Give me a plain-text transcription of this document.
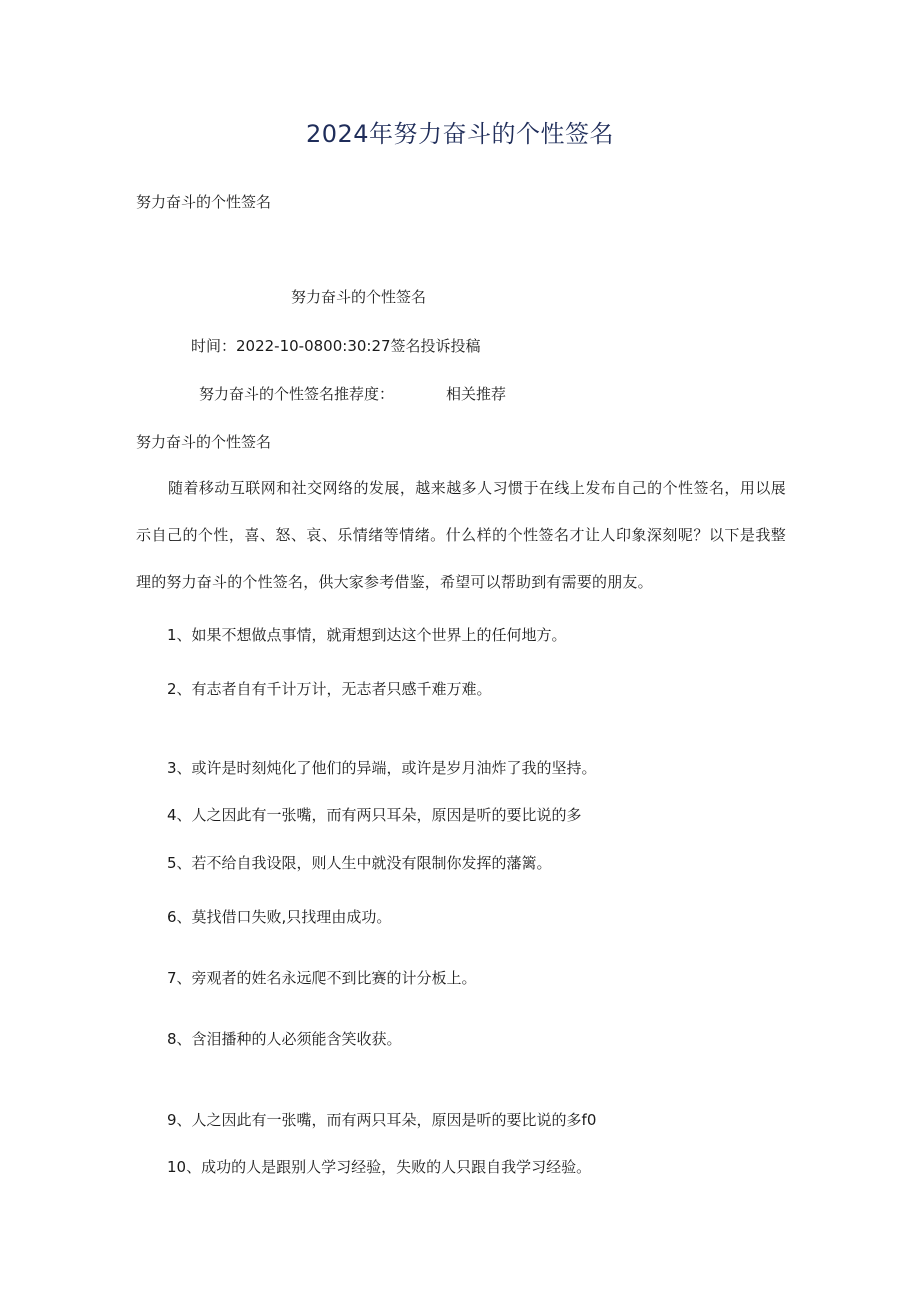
2024年努力奋斗的个性签名
努力奋斗的个性签名
努力奋斗的个性签名
时间：2022-10-0800:30:27签名投诉投稿
努力奋斗的个性签名推荐度：	相关推荐
努力奋斗的个性签名
随着移动互联网和社交网络的发展，越来越多人习惯于在线上发布自己的个性签名，用以展示自己的个性，喜、怒、哀、乐情绪等情绪。什么样的个性签名才让人印象深刻呢？以下是我整理的努力奋斗的个性签名，供大家参考借鉴，希望可以帮助到有需要的朋友。
1、如果不想做点事情，就甭想到达这个世界上的任何地方。
2、有志者自有千计万计，无志者只感千难万难。
3、或许是时刻炖化了他们的异端，或许是岁月油炸了我的坚持。
4、人之因此有一张嘴，而有两只耳朵，原因是听的要比说的多
5、若不给自我设限，则人生中就没有限制你发挥的藩篱。
6、莫找借口失败,只找理由成功。
7、旁观者的姓名永远爬不到比赛的计分板上。
8、含泪播种的人必须能含笑收获。
9、人之因此有一张嘴，而有两只耳朵，原因是听的要比说的多f0
10、成功的人是跟别人学习经验，失败的人只跟自我学习经验。
